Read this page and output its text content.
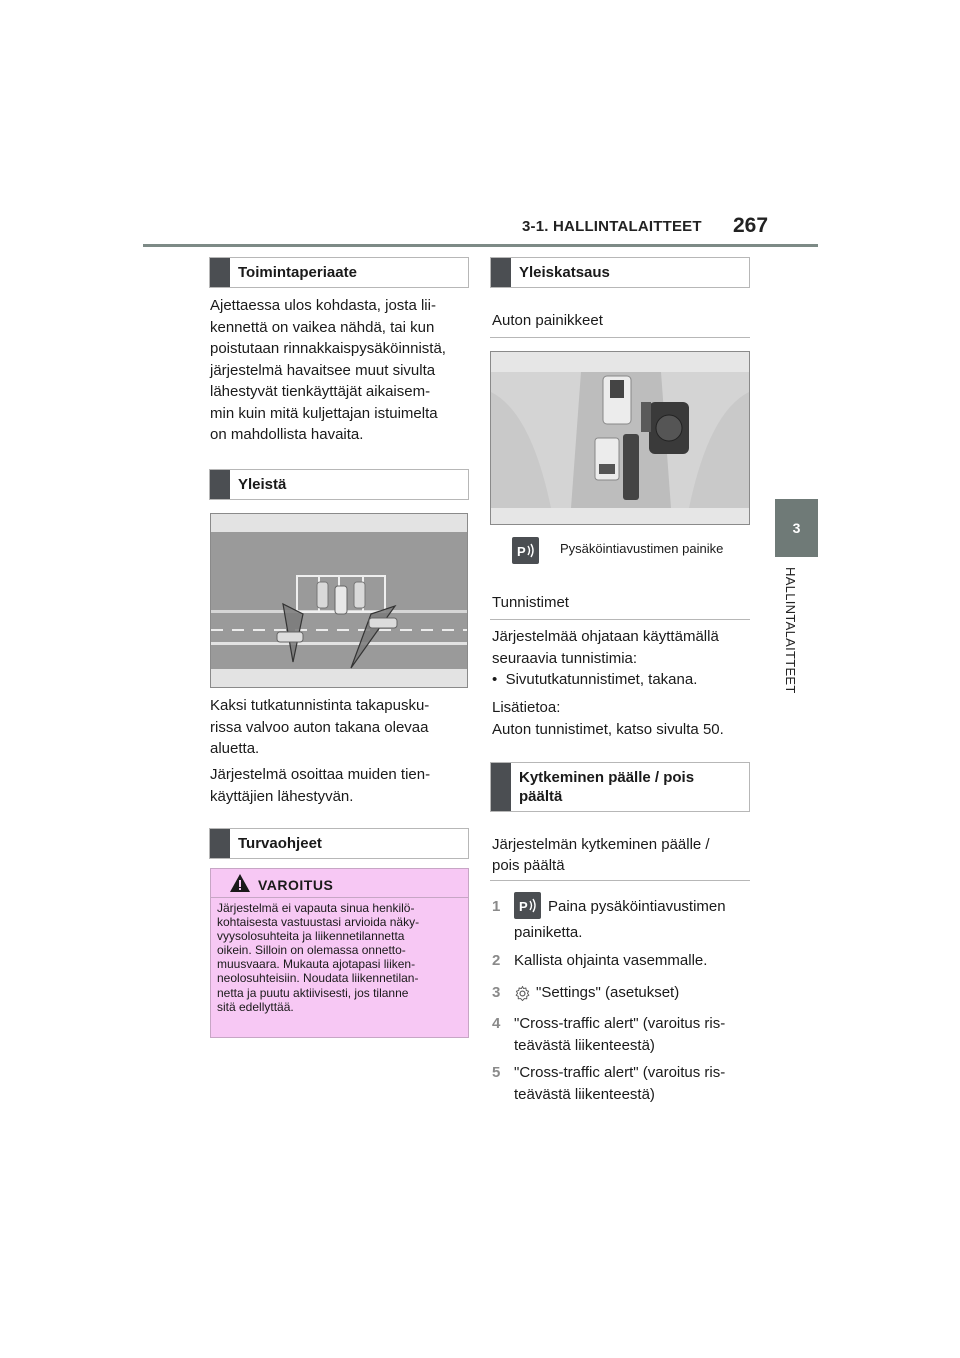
3-1. HALLINTALAITTEET 267
3
HALLINTALAITTEET
Toimintaperiaate
Ajettaessa ulos kohdasta, josta lii-
kennettä on vaikea nähdä, tai kun
poistutaan rinnakkaispysäköinnistä,
järjestelmä havaitsee muut sivulta
lähestyvät tienkäyttäjät aikaisem-
min kuin mitä kuljettajan istuimelta
on mahdollista havaita.
Yleistä
Kaksi tutkatunnistinta takapusku-
rissa valvoo auton takana olevaa
aluetta.
Järjestelmä osoittaa muiden tien-
käyttäjien lähestyvän.
Turvaohjeet
VAROITUS
Järjestelmä ei vapauta sinua henkilö-
kohtaisesta vastuustasi arvioida näky-
vyysolosuhteita ja liikennetilannetta
oikein. Silloin on olemassa onnetto-
muusvaara. Mukauta ajotapasi liiken-
neolosuhteisiin. Noudata liikennetilan-
netta ja puutu aktiivisesti, jos tilanne
sitä edellyttää.
Yleiskatsaus
Auton painikkeet
P	Pysäköintiavustimen painike
Tunnistimet
Järjestelmää ohjataan käyttämällä
seuraavia tunnistimia:
•  Sivututkatunnistimet, takana.
Lisätietoa:
Auton tunnistimet, katso sivulta 50.
Kytkeminen päälle / pois
päältä
Järjestelmän kytkeminen päälle /
pois päältä
1	P Paina pysäköintiavustimen
painiketta.
2 Kallista ohjainta vasemmalle.
3 "Settings" (asetukset)
4 "Cross-traffic alert" (varoitus ris-
teävästä liikenteestä)
5 "Cross-traffic alert" (varoitus ris-
teävästä liikenteestä)
